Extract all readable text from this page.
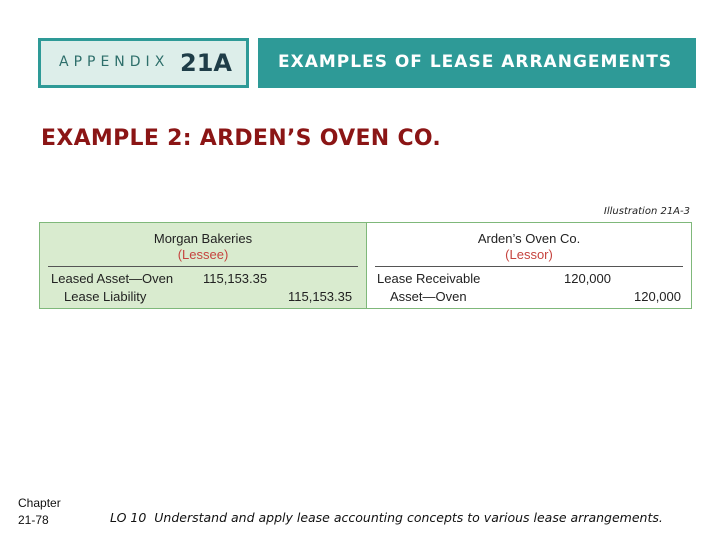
APPENDIX 21A	EXAMPLES OF LEASE ARRANGEMENTS
EXAMPLE 2: ARDEN’S OVEN CO.
Illustration 21A-3
Morgan Bakeries
(Lessee)
Leased Asset—Oven 115,153.35
Lease Liability	115,153.35
Arden’s Oven Co.
(Lessor)
Lease Receivable	120,000
Asset—Oven	120,000
Chapter
21-78	LO 10  Understand and apply lease accounting concepts to various lease arrangements.
